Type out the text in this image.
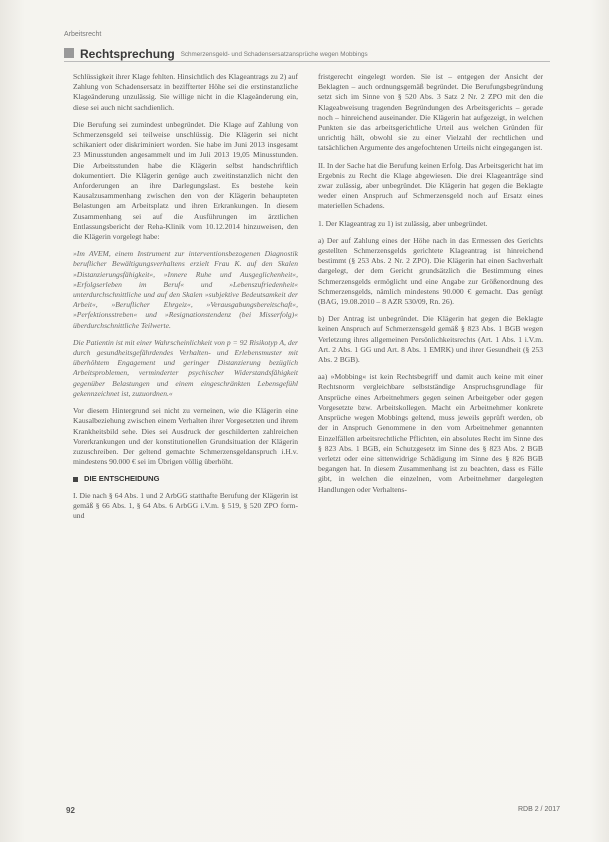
Arbeitsrecht
Rechtsprechung Schmerzensgeld- und Schadensersatzansprüche wegen Mobbings

Schlüssigkeit ihrer Klage fehlten. Hinsichtlich des Klageantrags zu 2) auf Zahlung von Schadensersatz in beziffterter Höhe sei die erstinstanzliche Klageänderung unzulässig. Sie willige nicht in die Klageänderung ein, diese sei auch nicht sachdienlich.

Die Berufung sei zumindest unbegründet. Die Klage auf Zahlung von Schmerzensgeld sei teilweise unschlüssig. Die Klägerin sei nicht schikaniert oder diskriminiert worden. Sie habe im Juni 2013 insgesamt 23 Minusstunden angesammelt und im Juli 2013 19,05 Minusstunden. Die Arbeitsstunden habe die Klägerin selbst handschriftlich dokumentiert. Die Klägerin genüge auch zweitinstanzlich nicht den Anforderungen an ihre Darlegungslast. Es bestehe kein Kausalzusammenhang zwischen den von der Klägerin behaupteten Belastungen am Arbeitsplatz und ihren Erkrankungen. In diesem Zusammenhang sei auf die Ausführungen im ärztlichen Entlassungsbericht der Reha-Klinik vom 10.12.2014 hinzuweisen, den die Klägerin vorgelegt habe:

»Im AVEM, einem Instrument zur interventionsbezogenen Diagnostik beruflicher Bewältigungsverhaltens erzielt Frau K. auf den Skalen »Distanzierungsfähigkeit«, »Innere Ruhe und Ausgeglichenheit«, »Erfolgserleben im Beruf« und »Lebenszufriedenheit« unterdurchschnittliche und auf den Skalen »subjektive Bedeutsamkeit der Arbeit«, »Beruflicher Ehrgeiz«, »Verausgabungsbereitschaft«, »Perfektionsstreben« und »Resignationstendenz (bei Misserfolg)« überdurchschnittliche Teilwerte.

Die Patientin ist mit einer Wahrscheinlichkeit von p = 92 Risikotyp A, der durch gesundheitsgefährdendes Verhalten- und Erlebensmuster mit überhöhtem Engagement und geringer Distanzierung bezüglich Arbeitsproblemen, verminderter psychischer Widerstandsfähigkeit gegenüber Belastungen und einem eingeschränkten Lebensgefühl gekennzeichnet ist, zuzuordnen.«

Vor diesem Hintergrund sei nicht zu verneinen, wie die Klägerin eine Kausalbeziehung zwischen einem Verhalten ihrer Vorgesetzten und ihrem Krankheitsbild sehe. Dies sei Ausdruck der geschilderten zahlreichen Vorerkrankungen und der konstitutionellen Grundsituation der Klägerin zuzuschreiben. Der geltend gemachte Schmerzensgeldanspruch i.H.v. mindestens 90.000 € sei im Übrigen völlig überhöht.

DIE ENTSCHEIDUNG

I. Die nach § 64 Abs. 1 und 2 ArbGG statthafte Berufung der Klägerin ist gemäß § 66 Abs. 1, § 64 Abs. 6 ArbGG i.V.m. § 519, § 520 ZPO form- und

fristgerecht eingelegt worden. Sie ist – entgegen der Ansicht der Beklagten – auch ordnungsgemäß begründet. Die Berufungsbegründung setzt sich im Sinne von § 520 Abs. 3 Satz 2 Nr. 2 ZPO mit den die Klageabweisung tragenden Begründungen des Arbeitsgerichts – gerade noch – hinreichend auseinander. Die Klägerin hat aufgezeigt, in welchen Punkten sie das arbeitsgerichtliche Urteil aus welchen Gründen für unrichtig hält, obwohl sie zu einer Vielzahl der rechtlichen und tatsächlichen Argumente des angefochtenen Urteils nicht eingegangen ist.

II. In der Sache hat die Berufung keinen Erfolg. Das Arbeitsgericht hat im Ergebnis zu Recht die Klage abgewiesen. Die drei Klageanträge sind zwar zulässig, aber unbegründet. Die Klägerin hat gegen die Beklagte weder einen Anspruch auf Schmerzensgeld noch auf Ersatz eines materiellen Schadens.

1. Der Klageantrag zu 1) ist zulässig, aber unbegründet.

a) Der auf Zahlung eines der Höhe nach in das Ermessen des Gerichts gestellten Schmerzensgelds gerichtete Klageantrag ist hinreichend bestimmt (§ 253 Abs. 2 Nr. 2 ZPO). Die Klägerin hat einen Sachverhalt dargelegt, der dem Gericht grundsätzlich die Bestimmung eines Schmerzensgelds ermöglicht und eine Angabe zur Größenordnung des Schmerzensgelds, nämlich mindestens 90.000 € gemacht. Das genügt (BAG, 19.08.2010 – 8 AZR 530/09, Rn. 26).

b) Der Antrag ist unbegründet. Die Klägerin hat gegen die Beklagte keinen Anspruch auf Schmerzensgeld gemäß § 823 Abs. 1 BGB wegen Verletzung ihres allgemeinen Persönlichkeitsrechts (Art. 1 Abs. 1 i.V.m. Art. 2 Abs. 1 GG und Art. 8 Abs. 1 EMRK) und ihrer Gesundheit (§ 253 Abs. 2 BGB).

aa) »Mobbing« ist kein Rechtsbegriff und damit auch keine mit einer Rechtsnorm vergleichbare selbstständige Anspruchsgrundlage für Ansprüche eines Arbeitnehmers gegen seinen Arbeitgeber oder gegen Vorgesetzte bzw. Arbeitskollegen. Macht ein Arbeitnehmer konkrete Ansprüche wegen Mobbings geltend, muss jeweils geprüft werden, ob der in Anspruch Genommene in den vom Arbeitnehmer genannten Einzelfällen arbeitsrechtliche Pflichten, ein absolutes Recht im Sinne des § 823 Abs. 1 BGB, ein Schutzgesetz im Sinne des § 823 Abs. 2 BGB verletzt oder eine sittenwidrige Schädigung im Sinne des § 826 BGB begangen hat. In diesem Zusammenhang ist zu beachten, dass es Fälle gibt, in welchen die einzelnen, vom Arbeitnehmer dargelegten Handlungen oder Verhaltens-

92	RDB 2 / 2017
